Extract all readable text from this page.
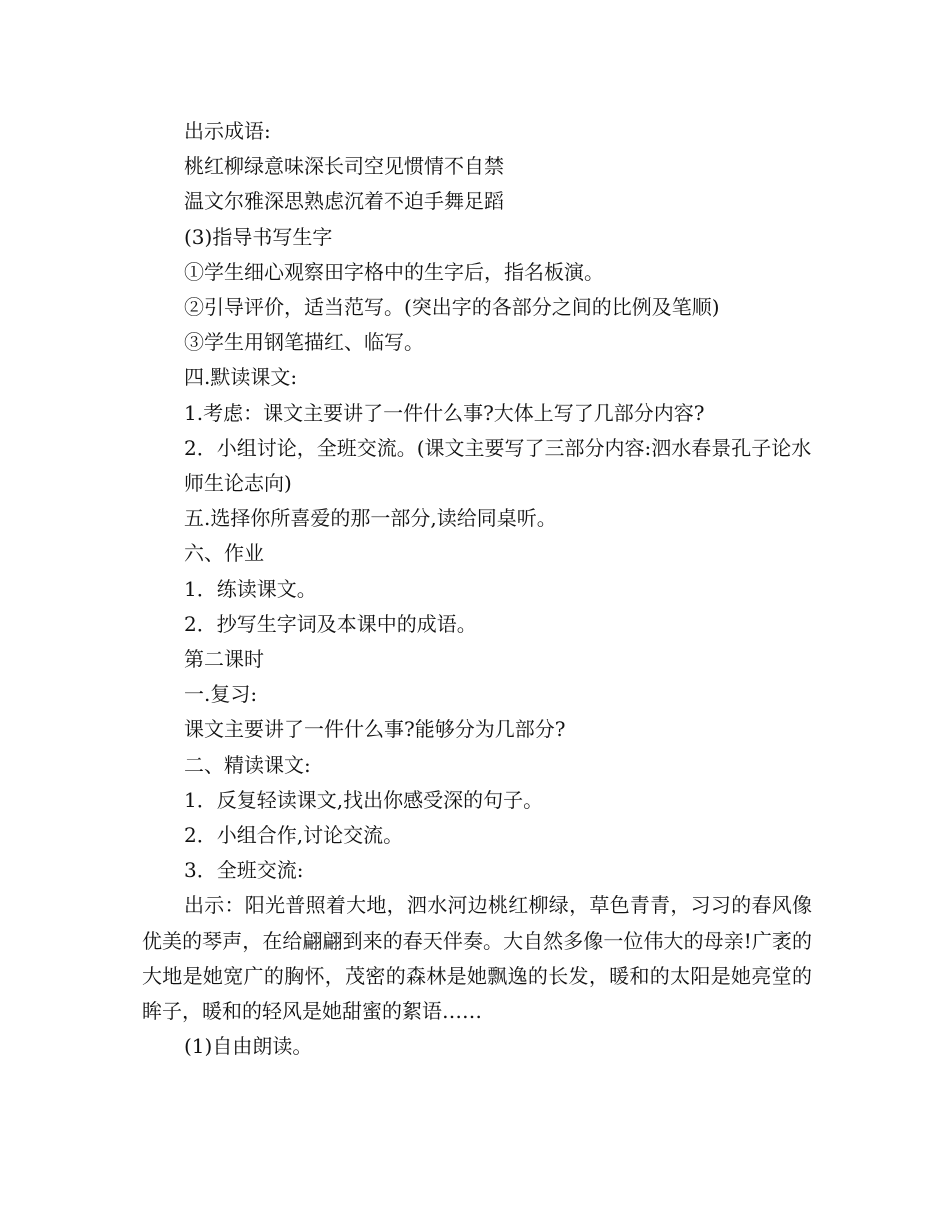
出示成语:

桃红柳绿意味深长司空见惯情不自禁

温文尔雅深思熟虑沉着不迫手舞足蹈

(3)指导书写生字

①学生细心观察田字格中的生字后，指名板演。

②引导评价，适当范写。(突出字的各部分之间的比例及笔顺)

③学生用钢笔描红、临写。

四.默读课文:

1.考虑：课文主要讲了一件什么事?大体上写了几部分内容?

2．小组讨论，全班交流。(课文主要写了三部分内容:泗水春景孔子论水

师生论志向)

五.选择你所喜爱的那一部分,读给同桌听。

六、作业

1．练读课文。

2．抄写生字词及本课中的成语。

第二课时

一.复习:

课文主要讲了一件什么事?能够分为几部分?

二、精读课文:

1．反复轻读课文,找出你感受深的句子。

2．小组合作,讨论交流。

3．全班交流:

出示：阳光普照着大地，泗水河边桃红柳绿，草色青青，习习的春风像优美的琴声，在给翩翩到来的春天伴奏。大自然多像一位伟大的母亲!广袤的大地是她宽广的胸怀，茂密的森林是她飘逸的长发，暖和的太阳是她亮堂的眸子，暖和的轻风是她甜蜜的絮语……

(1)自由朗读。
